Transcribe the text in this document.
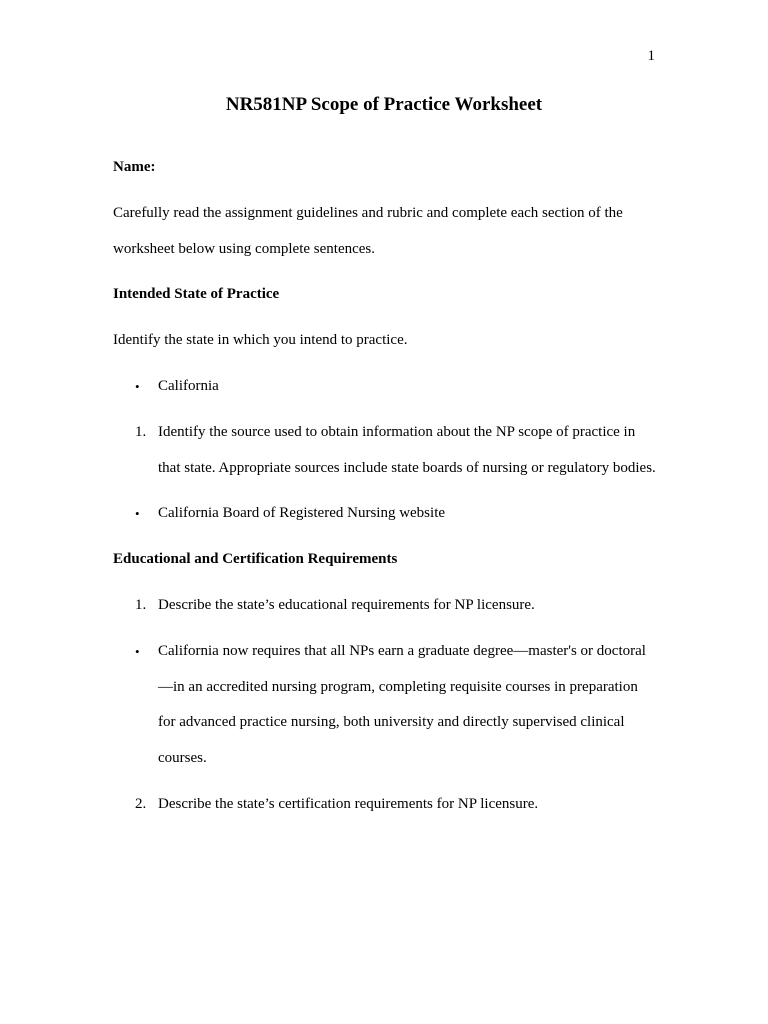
1
NR581NP Scope of Practice Worksheet

Name:

Carefully read the assignment guidelines and rubric and complete each section of the worksheet below using complete sentences.

Intended State of Practice

Identify the state in which you intend to practice.

• California
1. Identify the source used to obtain information about the NP scope of practice in that state. Appropriate sources include state boards of nursing or regulatory bodies.
• California Board of Registered Nursing website

Educational and Certification Requirements

1. Describe the state’s educational requirements for NP licensure.
• California now requires that all NPs earn a graduate degree—master's or doctoral—in an accredited nursing program, completing requisite courses in preparation for advanced practice nursing, both university and directly supervised clinical courses.
2. Describe the state’s certification requirements for NP licensure.
